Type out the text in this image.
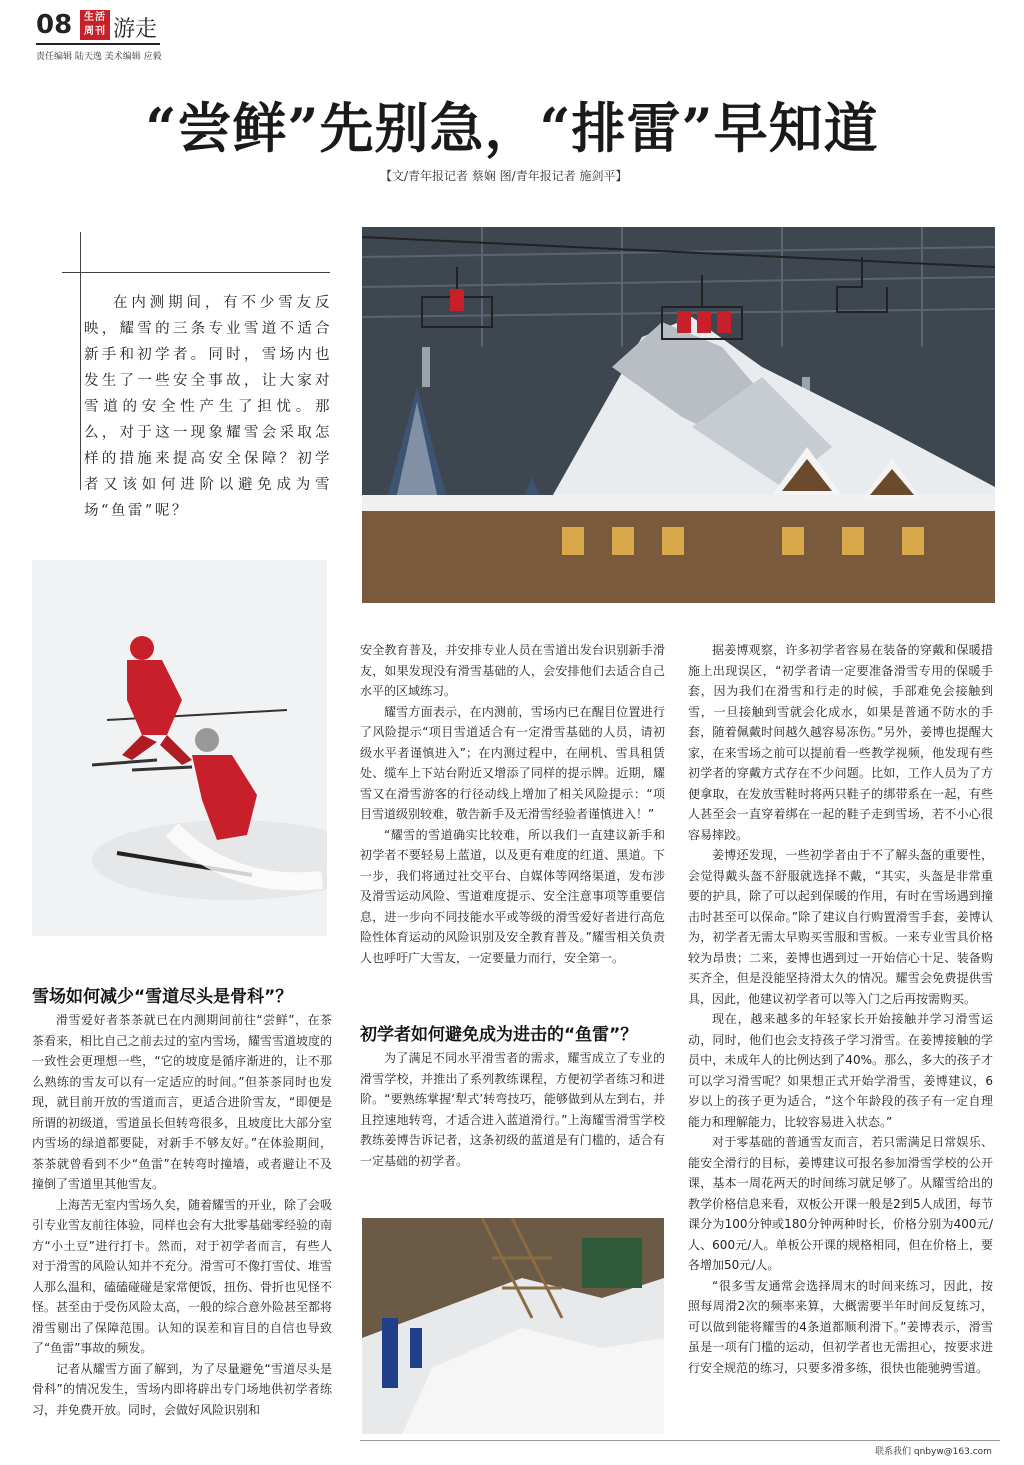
08	生活
周刊 游走
责任编辑 陆天逸 美术编辑 应毅
“尝鲜”先别急，“排雷”早知道
【文/青年报记者 蔡娴 图/青年报记者 施剑平】
在内测期间，有不少雪友反映，耀雪的三条专业雪道不适合新手和初学者。同时，雪场内也发生了一些安全事故，让大家对雪道的安全性产生了担忧。那么，对于这一现象耀雪会采取怎样的措施来提高安全保障？初学者又该如何进阶以避免成为雪场“鱼雷”呢？
雪场如何减少“雪道尽头是骨科”？

滑雪爱好者茶茶就已在内测期间前往“尝鲜”，在茶茶看来，相比自己之前去过的室内雪场，耀雪雪道坡度的一致性会更理想一些，“它的坡度是循序渐进的，让不那么熟练的雪友可以有一定适应的时间。”但茶茶同时也发现，就目前开放的雪道而言，更适合进阶雪友，“即便是所谓的初级道，雪道虽长但转弯很多，且坡度比大部分室内雪场的绿道都要陡，对新手不够友好。”在体验期间，茶茶就曾看到不少“鱼雷”在转弯时撞墙，或者避让不及撞倒了雪道里其他雪友。

上海苦无室内雪场久矣，随着耀雪的开业，除了会吸引专业雪友前往体验，同样也会有大批零基础零经验的南方“小土豆”进行打卡。然而，对于初学者而言，有些人对于滑雪的风险认知并不充分。滑雪可不像打雪仗、堆雪人那么温和，磕磕碰碰是家常便饭，扭伤、骨折也见怪不怪。甚至由于受伤风险太高，一般的综合意外险甚至都将滑雪剔出了保障范围。认知的误差和盲目的自信也导致了“鱼雷”事故的频发。

记者从耀雪方面了解到，为了尽量避免“雪道尽头是骨科”的情况发生，雪场内即将辟出专门场地供初学者练习，并免费开放。同时，会做好风险识别和

安全教育普及，并安排专业人员在雪道出发台识别新手滑友，如果发现没有滑雪基础的人，会安排他们去适合自己水平的区域练习。

耀雪方面表示，在内测前，雪场内已在醒目位置进行了风险提示“项目雪道适合有一定滑雪基础的人员，请初级水平者谨慎进入”；在内测过程中，在闸机、雪具租赁处、缆车上下站台附近又增添了同样的提示牌。近期，耀雪又在滑雪游客的行径动线上增加了相关风险提示：“项目雪道级别较难，敬告新手及无滑雪经验者谨慎进入！”

“耀雪的雪道确实比较难，所以我们一直建议新手和初学者不要轻易上蓝道，以及更有难度的红道、黑道。下一步，我们将通过社交平台、自媒体等网络渠道，发布涉及滑雪运动风险、雪道难度提示、安全注意事项等重要信息，进一步向不同技能水平或等级的滑雪爱好者进行高危险性体育运动的风险识别及安全教育普及。”耀雪相关负责人也呼吁广大雪友，一定要量力而行，安全第一。

初学者如何避免成为进击的“鱼雷”？

为了满足不同水平滑雪者的需求，耀雪成立了专业的滑雪学校，并推出了系列教练课程，方便初学者练习和进阶。“要熟练掌握‘犁式’转弯技巧，能够做到从左到右，并且控速地转弯，才适合进入蓝道滑行。”上海耀雪滑雪学校教练姜博告诉记者，这条初级的蓝道是有门槛的，适合有一定基础的初学者。

据姜博观察，许多初学者容易在装备的穿戴和保暖措施上出现误区，“初学者请一定要准备滑雪专用的保暖手套，因为我们在滑雪和行走的时候，手部难免会接触到雪，一旦接触到雪就会化成水，如果是普通不防水的手套，随着佩戴时间越久越容易冻伤。”另外，姜博也提醒大家，在来雪场之前可以提前看一些教学视频，他发现有些初学者的穿戴方式存在不少问题。比如，工作人员为了方便拿取，在发放雪鞋时将两只鞋子的绑带系在一起，有些人甚至会一直穿着绑在一起的鞋子走到雪场，若不小心很容易摔跤。

姜博还发现，一些初学者由于不了解头盔的重要性，会觉得戴头盔不舒服就选择不戴，“其实，头盔是非常重要的护具，除了可以起到保暖的作用，有时在雪场遇到撞击时甚至可以保命。”除了建议自行购置滑雪手套，姜博认为，初学者无需太早购买雪服和雪板。一来专业雪具价格较为昂贵；二来，姜博也遇到过一开始信心十足、装备购买齐全，但是没能坚持滑太久的情况。耀雪会免费提供雪具，因此，他建议初学者可以等入门之后再按需购买。

现在，越来越多的年轻家长开始接触并学习滑雪运动，同时，他们也会支持孩子学习滑雪。在姜博接触的学员中，未成年人的比例达到了40%。那么，多大的孩子才可以学习滑雪呢？如果想正式开始学滑雪，姜博建议，6岁以上的孩子更为适合，“这个年龄段的孩子有一定自理能力和理解能力，比较容易进入状态。”

对于零基础的普通雪友而言，若只需满足日常娱乐、能安全滑行的目标，姜博建议可报名参加滑雪学校的公开课，基本一周花两天的时间练习就足够了。从耀雪给出的教学价格信息来看，双板公开课一般是2到5人成团，每节课分为100分钟或180分钟两种时长，价格分别为400元/人、600元/人。单板公开课的规格相同，但在价格上，要各增加50元/人。

“很多雪友通常会选择周末的时间来练习，因此，按照每周滑2次的频率来算，大概需要半年时间反复练习，可以做到能将耀雪的4条道都顺利滑下。”姜博表示，滑雪虽是一项有门槛的运动，但初学者也无需担心，按要求进行安全规范的练习，只要多滑多练，很快也能驰骋雪道。

联系我们 qnbyw@163.com
